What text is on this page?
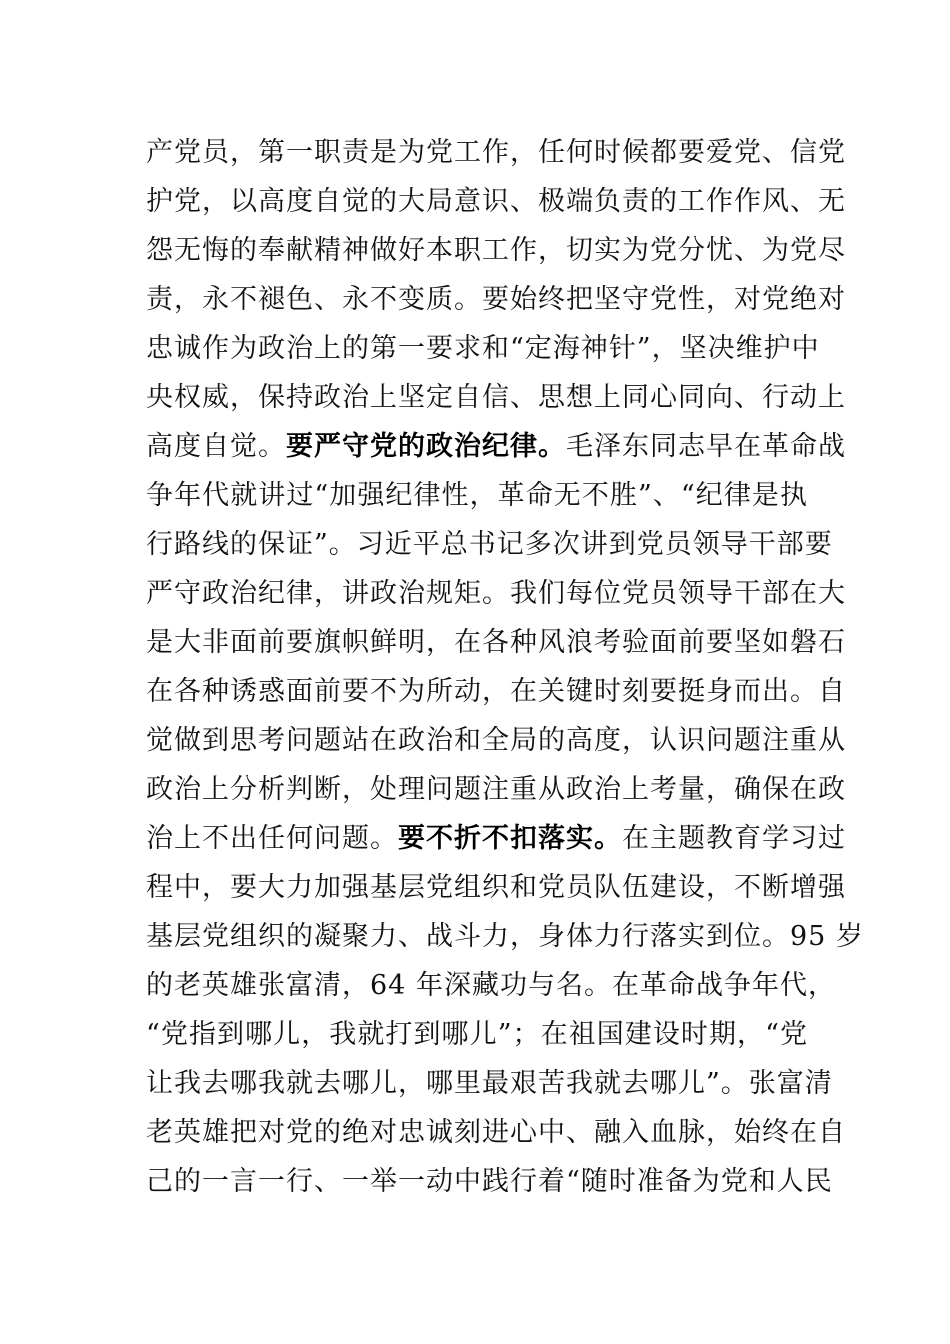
产党员，第一职责是为党工作，任何时候都要爱党、信党
护党，以高度自觉的大局意识、极端负责的工作作风、无
怨无悔的奉献精神做好本职工作，切实为党分忧、为党尽
责，永不褪色、永不变质。要始终把坚守党性，对党绝对
忠诚作为政治上的第一要求和“定海神针”，坚决维护中
央权威，保持政治上坚定自信、思想上同心同向、行动上
高度自觉。要严守党的政治纪律。毛泽东同志早在革命战
争年代就讲过“加强纪律性，革命无不胜”、“纪律是执
行路线的保证”。习近平总书记多次讲到党员领导干部要
严守政治纪律，讲政治规矩。我们每位党员领导干部在大
是大非面前要旗帜鲜明，在各种风浪考验面前要坚如磐石
在各种诱惑面前要不为所动，在关键时刻要挺身而出。自
觉做到思考问题站在政治和全局的高度，认识问题注重从
政治上分析判断，处理问题注重从政治上考量，确保在政
治上不出任何问题。要不折不扣落实。在主题教育学习过
程中，要大力加强基层党组织和党员队伍建设，不断增强
基层党组织的凝聚力、战斗力，身体力行落实到位。95 岁
的老英雄张富清，64 年深藏功与名。在革命战争年代，
“党指到哪儿，我就打到哪儿”；在祖国建设时期，“党
让我去哪我就去哪儿，哪里最艰苦我就去哪儿”。张富清
老英雄把对党的绝对忠诚刻进心中、融入血脉，始终在自
己的一言一行、一举一动中践行着“随时准备为党和人民
